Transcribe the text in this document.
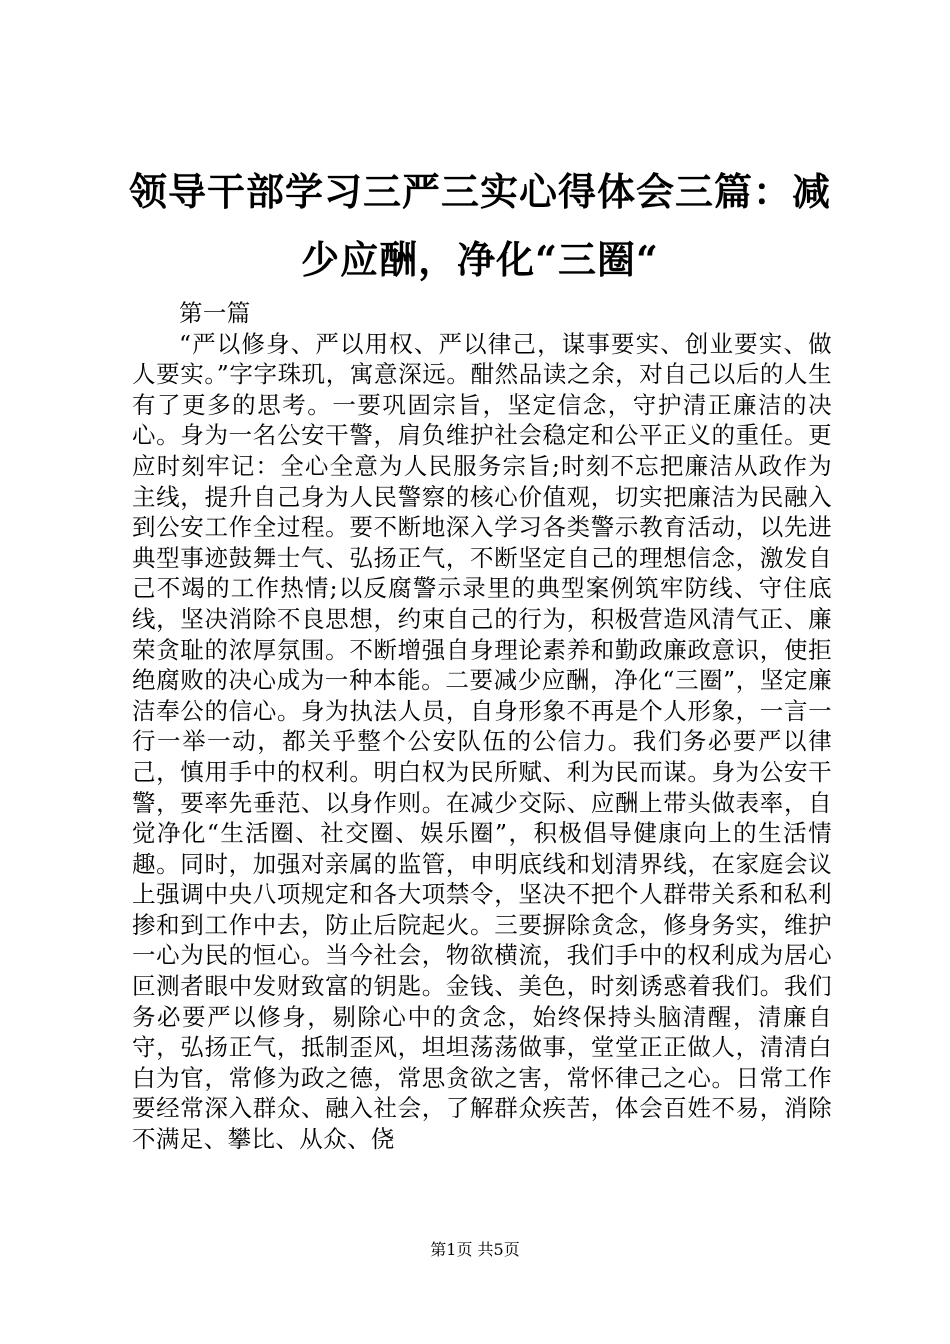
领导干部学习三严三实心得体会三篇：减少应酬，净化“三圈“

第一篇

“严以修身、严以用权、严以律己，谋事要实、创业要实、做人要实。”字字珠玑，寓意深远。酣然品读之余，对自己以后的人生有了更多的思考。一要巩固宗旨，坚定信念，守护清正廉洁的决心。身为一名公安干警，肩负维护社会稳定和公平正义的重任。更应时刻牢记：全心全意为人民服务宗旨;时刻不忘把廉洁从政作为主线，提升自己身为人民警察的核心价值观，切实把廉洁为民融入到公安工作全过程。要不断地深入学习各类警示教育活动，以先进典型事迹鼓舞士气、弘扬正气，不断坚定自己的理想信念，激发自己不竭的工作热情;以反腐警示录里的典型案例筑牢防线、守住底线，坚决消除不良思想，约束自己的行为，积极营造风清气正、廉荣贪耻的浓厚氛围。不断增强自身理论素养和勤政廉政意识，使拒绝腐败的决心成为一种本能。二要减少应酬，净化“三圈”，坚定廉洁奉公的信心。身为执法人员，自身形象不再是个人形象，一言一行一举一动，都关乎整个公安队伍的公信力。我们务必要严以律己，慎用手中的权利。明白权为民所赋、利为民而谋。身为公安干警，要率先垂范、以身作则。在减少交际、应酬上带头做表率，自觉净化“生活圈、社交圈、娱乐圈”，积极倡导健康向上的生活情趣。同时，加强对亲属的监管，申明底线和划清界线，在家庭会议上强调中央八项规定和各大项禁令，坚决不把个人群带关系和私利掺和到工作中去，防止后院起火。三要摒除贪念，修身务实，维护一心为民的恒心。当今社会，物欲横流，我们手中的权利成为居心叵测者眼中发财致富的钥匙。金钱、美色，时刻诱惑着我们。我们务必要严以修身，剔除心中的贪念，始终保持头脑清醒，清廉自守，弘扬正气，抵制歪风，坦坦荡荡做事，堂堂正正做人，清清白白为官，常修为政之德，常思贪欲之害，常怀律己之心。日常工作要经常深入群众、融入社会，了解群众疾苦，体会百姓不易，消除不满足、攀比、从众、侥

第1页 共5页
